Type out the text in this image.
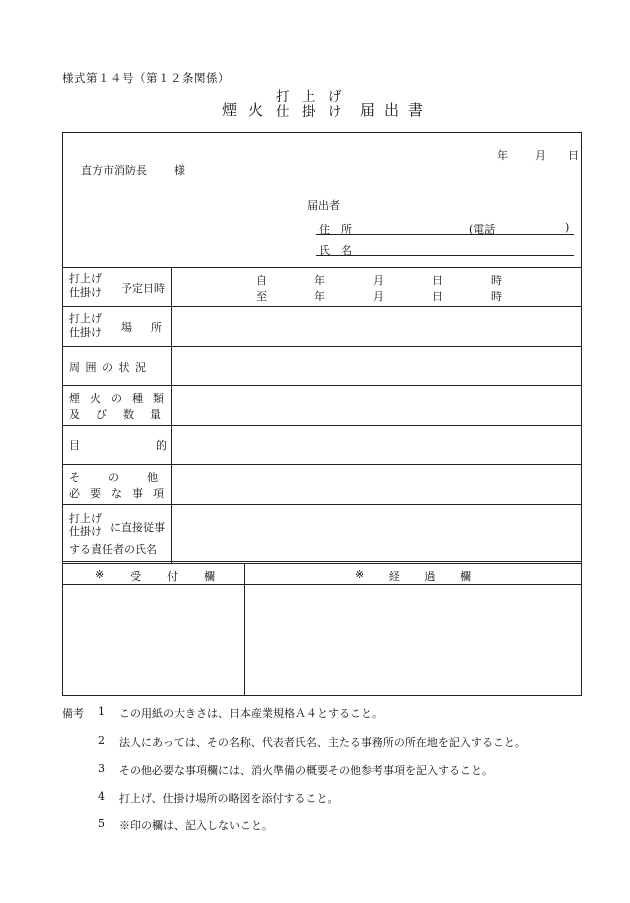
様式第１４号（第１２条関係）
煙 火
打
仕
上
掛
げ
け 届 出 書
年 月 日
直方市消防長 様
届出者
住　所	(電話	)
氏　名
打上げ
仕掛け 予定日時
自	年	月	日	時
至	年	月	日	時
打上げ
仕掛け 場　所
周囲の状況
煙火の種類
及び数量
目	的
その他
必要な事項
打上げ
仕掛け に直接従事
する責任者の氏名
※ 受 付 欄	※ 経 過 欄
備考 1 この用紙の大きさは、日本産業規格Ａ４とすること。
2 法人にあっては、その名称、代表者氏名、主たる事務所の所在地を記入すること。
3 その他必要な事項欄には、消火準備の概要その他参考事項を記入すること。
4 打上げ、仕掛け場所の略図を添付すること。
5 ※印の欄は、記入しないこと。
